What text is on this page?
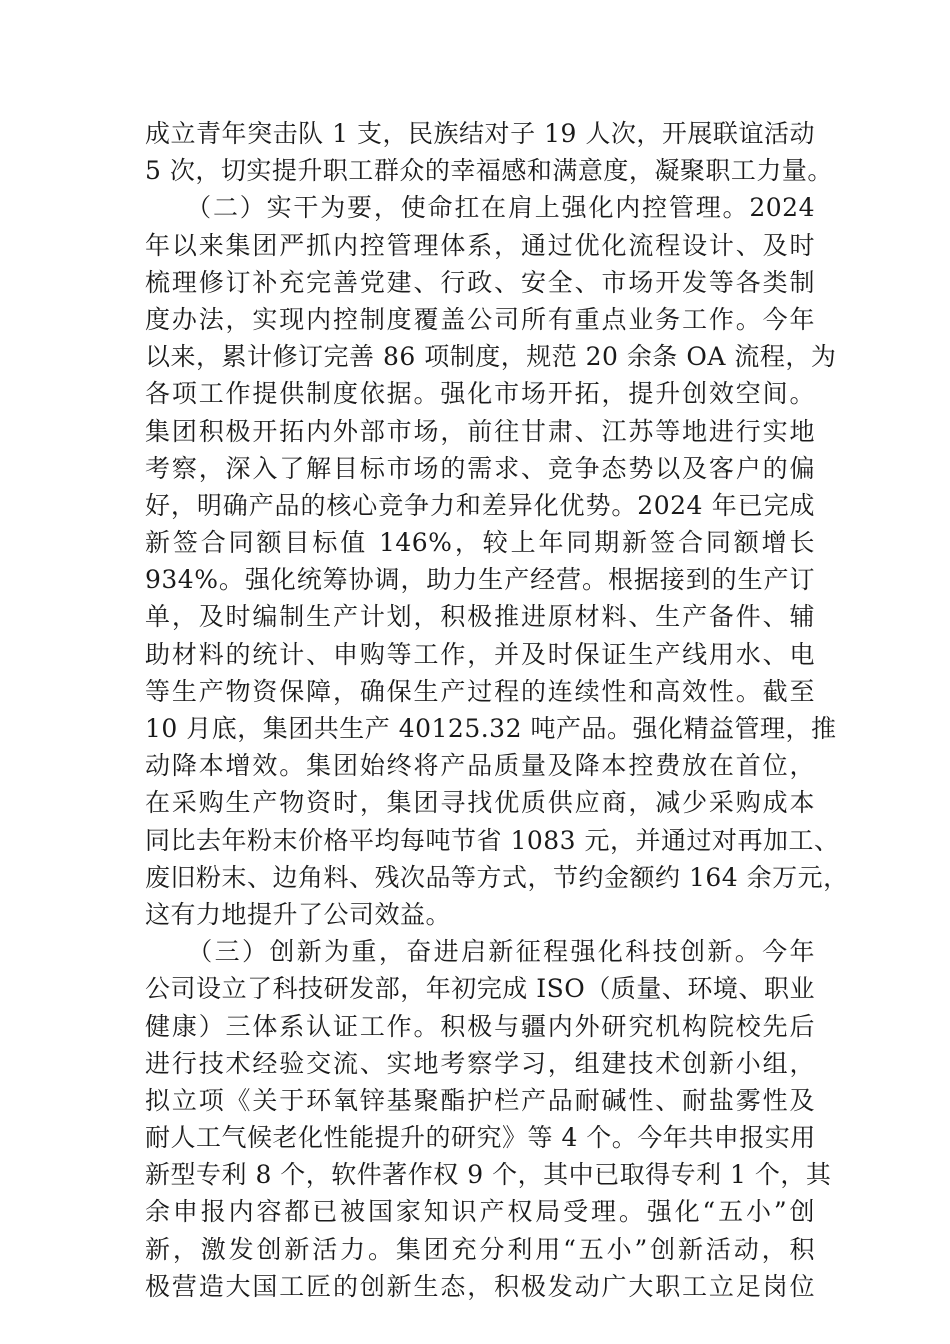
成立青年突击队 1 支，民族结对子 19 人次，开展联谊活动
5 次，切实提升职工群众的幸福感和满意度，凝聚职工力量。
　　（二）实干为要，使命扛在肩上强化内控管理。2024
年以来集团严抓内控管理体系，通过优化流程设计、及时
梳理修订补充完善党建、行政、安全、市场开发等各类制
度办法，实现内控制度覆盖公司所有重点业务工作。今年
以来，累计修订完善 86 项制度，规范 20 余条 OA 流程，为
各项工作提供制度依据。强化市场开拓，提升创效空间。
集团积极开拓内外部市场，前往甘肃、江苏等地进行实地
考察，深入了解目标市场的需求、竞争态势以及客户的偏
好，明确产品的核心竞争力和差异化优势。2024 年已完成
新签合同额目标值 146%，较上年同期新签合同额增长
934%。强化统筹协调，助力生产经营。根据接到的生产订
单，及时编制生产计划，积极推进原材料、生产备件、辅
助材料的统计、申购等工作，并及时保证生产线用水、电
等生产物资保障，确保生产过程的连续性和高效性。截至
10 月底，集团共生产 40125.32 吨产品。强化精益管理，推
动降本增效。集团始终将产品质量及降本控费放在首位，
在采购生产物资时，集团寻找优质供应商，减少采购成本
同比去年粉末价格平均每吨节省 1083 元，并通过对再加工、
废旧粉末、边角料、残次品等方式，节约金额约 164 余万元，
这有力地提升了公司效益。
　　（三）创新为重，奋进启新征程强化科技创新。今年
公司设立了科技研发部，年初完成 ISO（质量、环境、职业
健康）三体系认证工作。积极与疆内外研究机构院校先后
进行技术经验交流、实地考察学习，组建技术创新小组，
拟立项《关于环氧锌基聚酯护栏产品耐碱性、耐盐雾性及
耐人工气候老化性能提升的研究》等 4 个。今年共申报实用
新型专利 8 个，软件著作权 9 个，其中已取得专利 1 个，其
余申报内容都已被国家知识产权局受理。强化“五小”创
新，激发创新活力。集团充分利用“五小”创新活动，积
极营造大国工匠的创新生态，积极发动广大职工立足岗位
